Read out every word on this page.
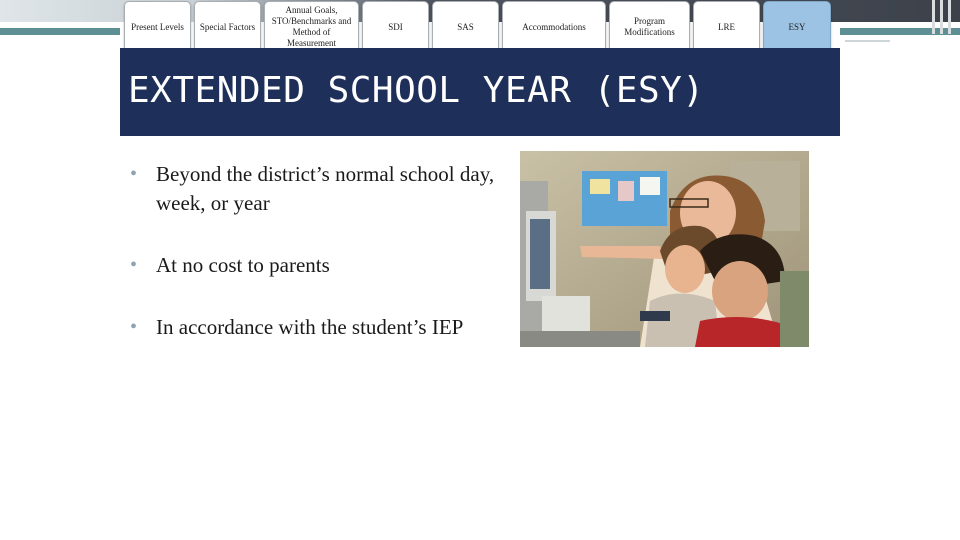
Present Levels Special Factors
Annual Goals, STO/Benchmarks and Method of Measurement
SDI	SAS	Accommodations
Program Modifications
LRE	ESY
EXTENDED SCHOOL YEAR (ESY)
• Beyond the district’s normal school day, week, or year
• At no cost to parents
• In accordance with the student’s IEP
